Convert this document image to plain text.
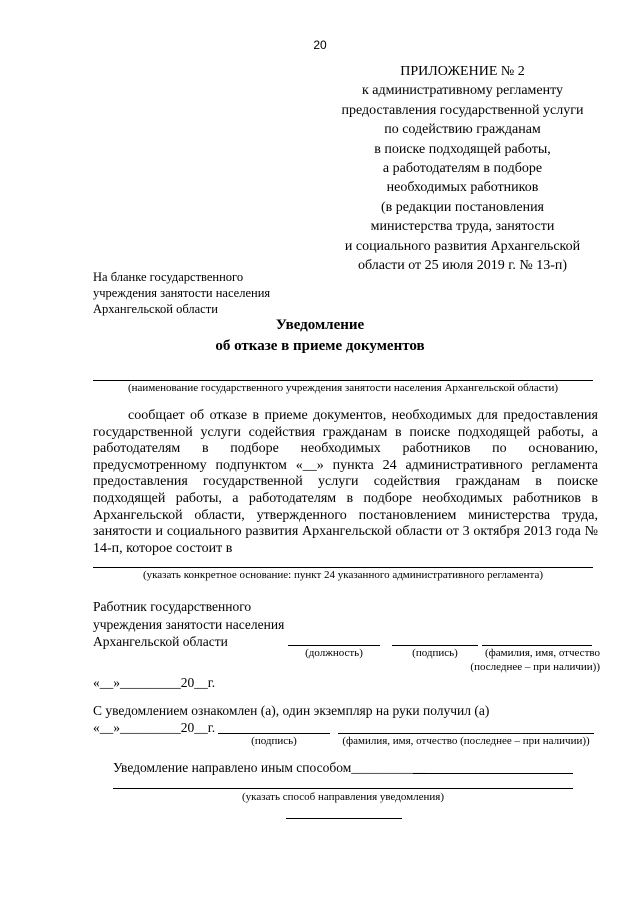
20
ПРИЛОЖЕНИЕ № 2
к административному регламенту
предоставления государственной услуги
по содействию гражданам
в поиске подходящей работы,
а работодателям в подборе
необходимых работников
(в редакции постановления
министерства труда, занятости
и социального развития Архангельской
области от 25 июля 2019 г. № 13-п)
На бланке государственного
учреждения занятости населения
Архангельской области
Уведомление
об отказе в приеме документов
(наименование государственного учреждения занятости населения Архангельской области)
сообщает об отказе в приеме документов, необходимых для предоставления государственной услуги содействия гражданам в поиске подходящей работы, а работодателям в подборе необходимых работников по основанию, предусмотренному подпунктом «__» пункта 24 административного регламента предоставления государственной услуги содействия гражданам в поиске подходящей работы, а работодателям в подборе необходимых работников в Архангельской области, утвержденного постановлением министерства труда, занятости и социального развития Архангельской области от 3 октября 2013 года № 14-п, которое состоит в
(указать конкретное основание: пункт 24 указанного административного регламента)
Работник государственного
учреждения занятости населения
Архангельской области
(должность)	(подпись)	(фамилия, имя, отчество
(последнее – при наличии))
«__»_________20__г.
С уведомлением ознакомлен (а), один экземпляр на руки получил (а)
«__»_________20__г.
(подпись)	(фамилия, имя, отчество (последнее – при наличии))
Уведомление направлено иным способом___________
(указать способ направления уведомления)
